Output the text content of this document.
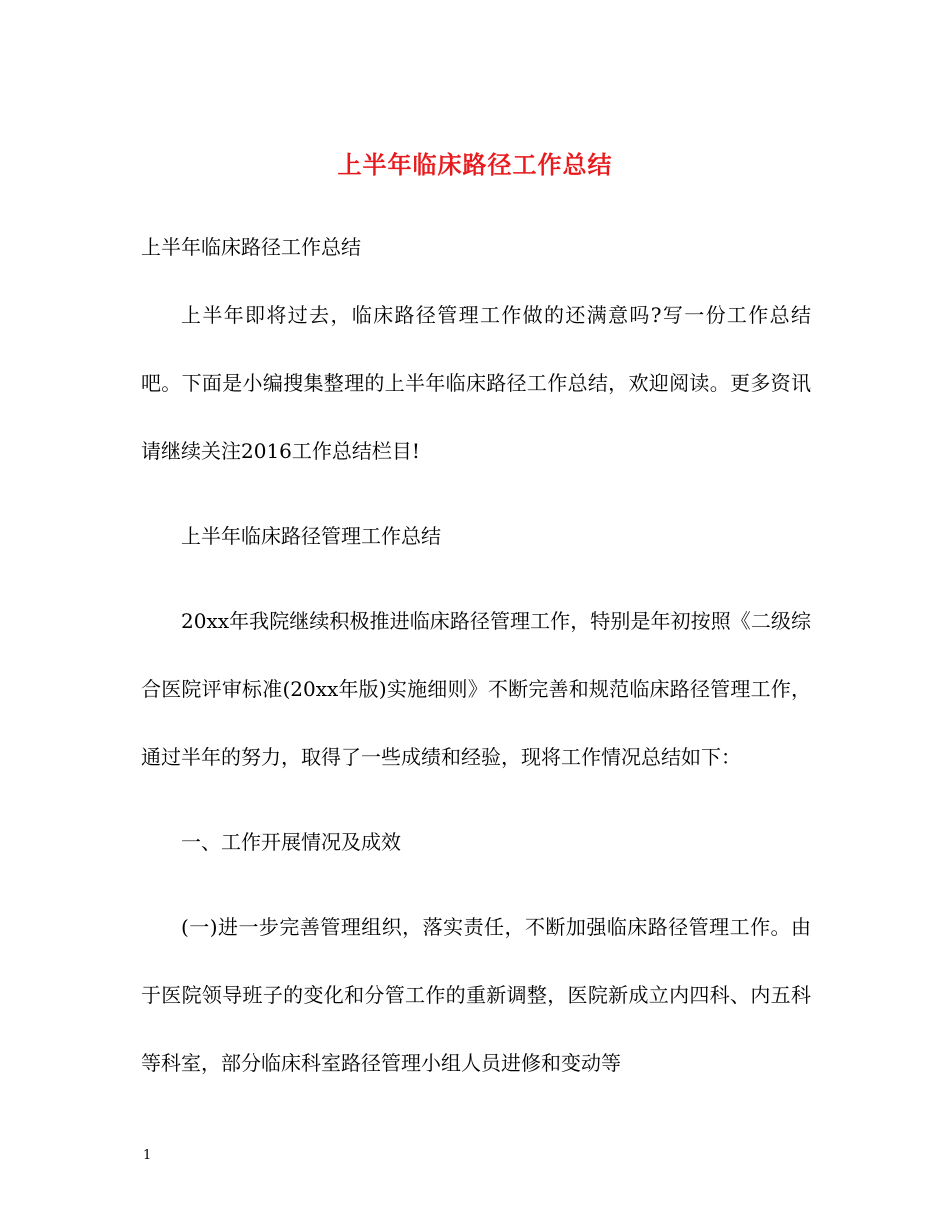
上半年临床路径工作总结

上半年临床路径工作总结

上半年即将过去，临床路径管理工作做的还满意吗?写一份工作总结吧。下面是小编搜集整理的上半年临床路径工作总结，欢迎阅读。更多资讯请继续关注2016工作总结栏目!

上半年临床路径管理工作总结

20xx年我院继续积极推进临床路径管理工作，特别是年初按照《二级综合医院评审标准(20xx年版)实施细则》不断完善和规范临床路径管理工作，通过半年的努力，取得了一些成绩和经验，现将工作情况总结如下：

一、工作开展情况及成效

(一)进一步完善管理组织，落实责任，不断加强临床路径管理工作。由于医院领导班子的变化和分管工作的重新调整，医院新成立内四科、内五科等科室，部分临床科室路径管理小组人员进修和变动等

1
